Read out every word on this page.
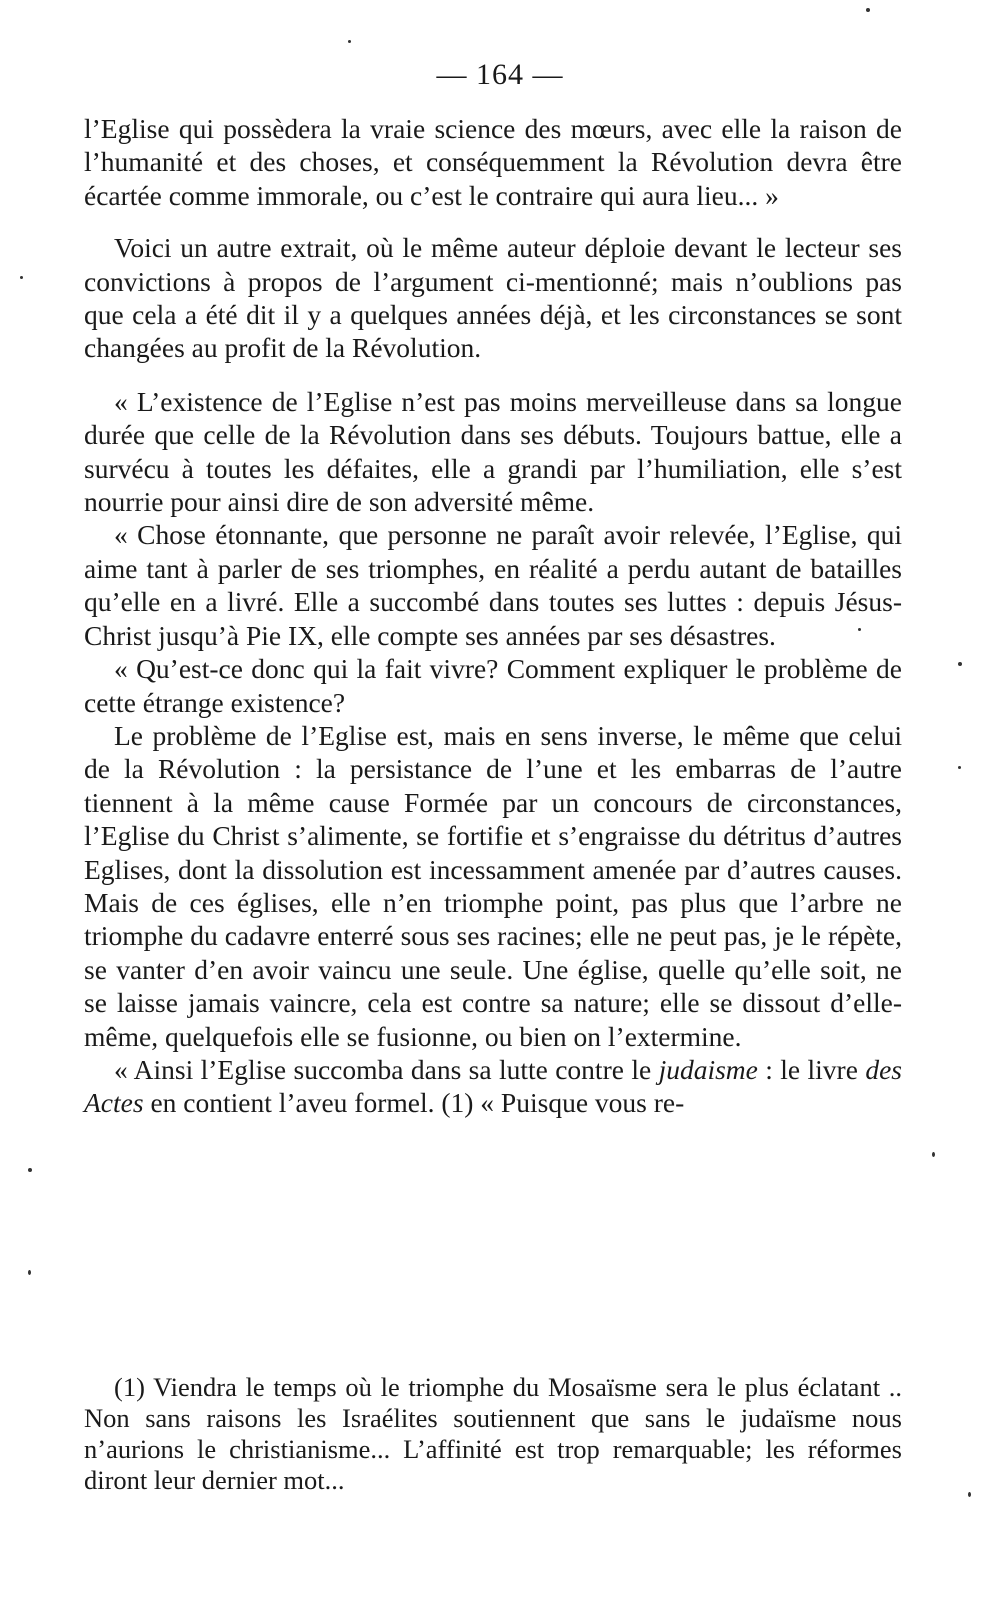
— 164 —

l’Eglise qui possèdera la vraie science des mœurs, avec elle la raison de l’humanité et des choses, et conséquemment la Révolution devra être écartée comme immorale, ou c’est le contraire qui aura lieu... »

Voici un autre extrait, où le même auteur déploie devant le lecteur ses convictions à propos de l’argument ci-mentionné; mais n’oublions pas que cela a été dit il y a quelques années déjà, et les circonstances se sont changées au profit de la Révolution.

« L’existence de l’Eglise n’est pas moins merveilleuse dans sa longue durée que celle de la Révolution dans ses débuts. Toujours battue, elle a survécu à toutes les défaites, elle a grandi par l’humiliation, elle s’est nourrie pour ainsi dire de son adversité même.

« Chose étonnante, que personne ne paraît avoir relevée, l’Eglise, qui aime tant à parler de ses triomphes, en réalité a perdu autant de batailles qu’elle en a livré. Elle a succombé dans toutes ses luttes : depuis Jésus-Christ jusqu’à Pie IX, elle compte ses années par ses désastres.

« Qu’est-ce donc qui la fait vivre? Comment expliquer le problème de cette étrange existence?

Le problème de l’Eglise est, mais en sens inverse, le même que celui de la Révolution : la persistance de l’une et les embarras de l’autre tiennent à la même cause Formée par un concours de circonstances, l’Eglise du Christ s’alimente, se fortifie et s’engraisse du détritus d’autres Eglises, dont la dissolution est incessamment amenée par d’autres causes. Mais de ces églises, elle n’en triomphe point, pas plus que l’arbre ne triomphe du cadavre enterré sous ses racines; elle ne peut pas, je le répète, se vanter d’en avoir vaincu une seule. Une église, quelle qu’elle soit, ne se laisse jamais vaincre, cela est contre sa nature; elle se dissout d’elle-même, quelquefois elle se fusionne, ou bien on l’extermine.

« Ainsi l’Eglise succomba dans sa lutte contre le judaisme : le livre des Actes en contient l’aveu formel. (1) « Puisque vous re-

(1) Viendra le temps où le triomphe du Mosaïsme sera le plus éclatant .. Non sans raisons les Israélites soutiennent que sans le judaïsme nous n’aurions le christianisme... L’affinité est trop remarquable; les réformes diront leur dernier mot...
